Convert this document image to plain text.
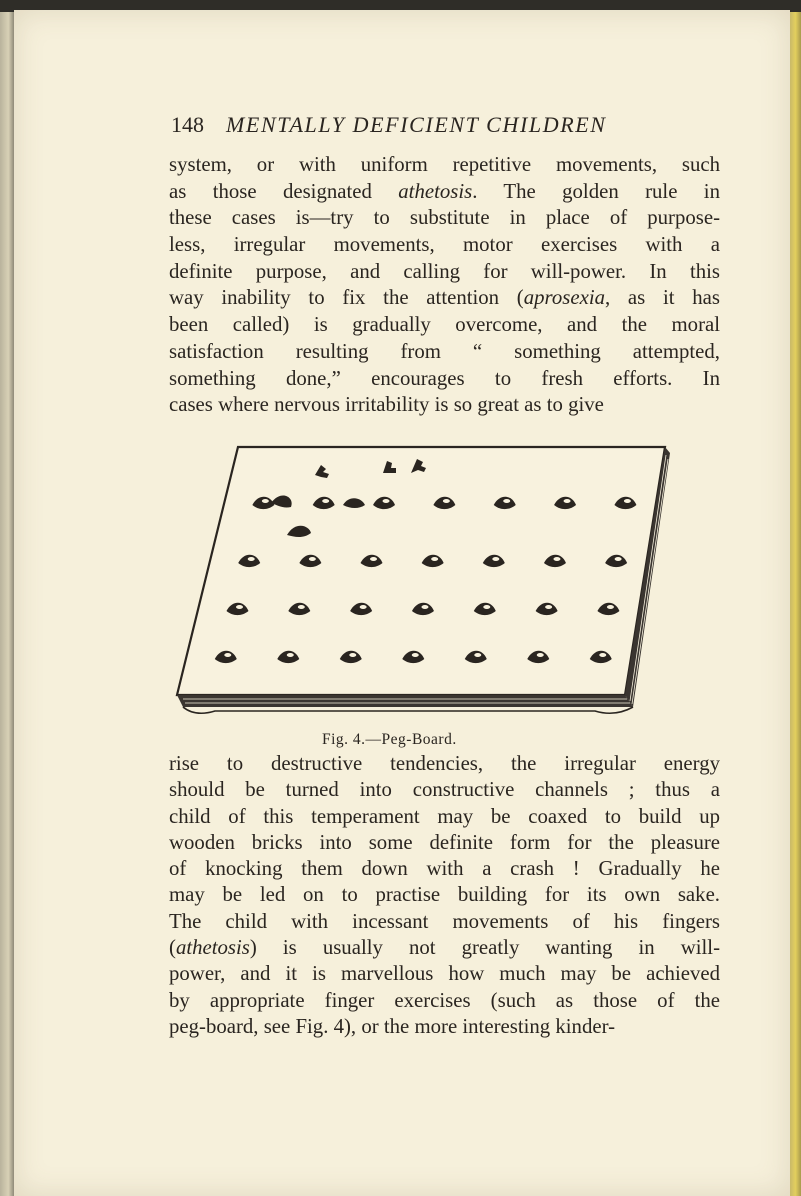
148 MENTALLY DEFICIENT CHILDREN
system, or with uniform repetitive movements, such
as those designated athetosis. The golden rule in
these cases is—try to substitute in place of purpose-
less, irregular movements, motor exercises with a
definite purpose, and calling for will-power. In this
way inability to fix the attention (aprosexia, as it has
been called) is gradually overcome, and the moral
satisfaction resulting from “ something attempted,
something done,” encourages to fresh efforts. In
cases where nervous irritability is so great as to give
Fig. 4.—Peg-Board.
rise to destructive tendencies, the irregular energy
should be turned into constructive channels ; thus a
child of this temperament may be coaxed to build up
wooden bricks into some definite form for the pleasure
of knocking them down with a crash ! Gradually he
may be led on to practise building for its own sake.
The child with incessant movements of his fingers
(athetosis) is usually not greatly wanting in will-
power, and it is marvellous how much may be achieved
by appropriate finger exercises (such as those of the
peg-board, see Fig. 4), or the more interesting kinder-
